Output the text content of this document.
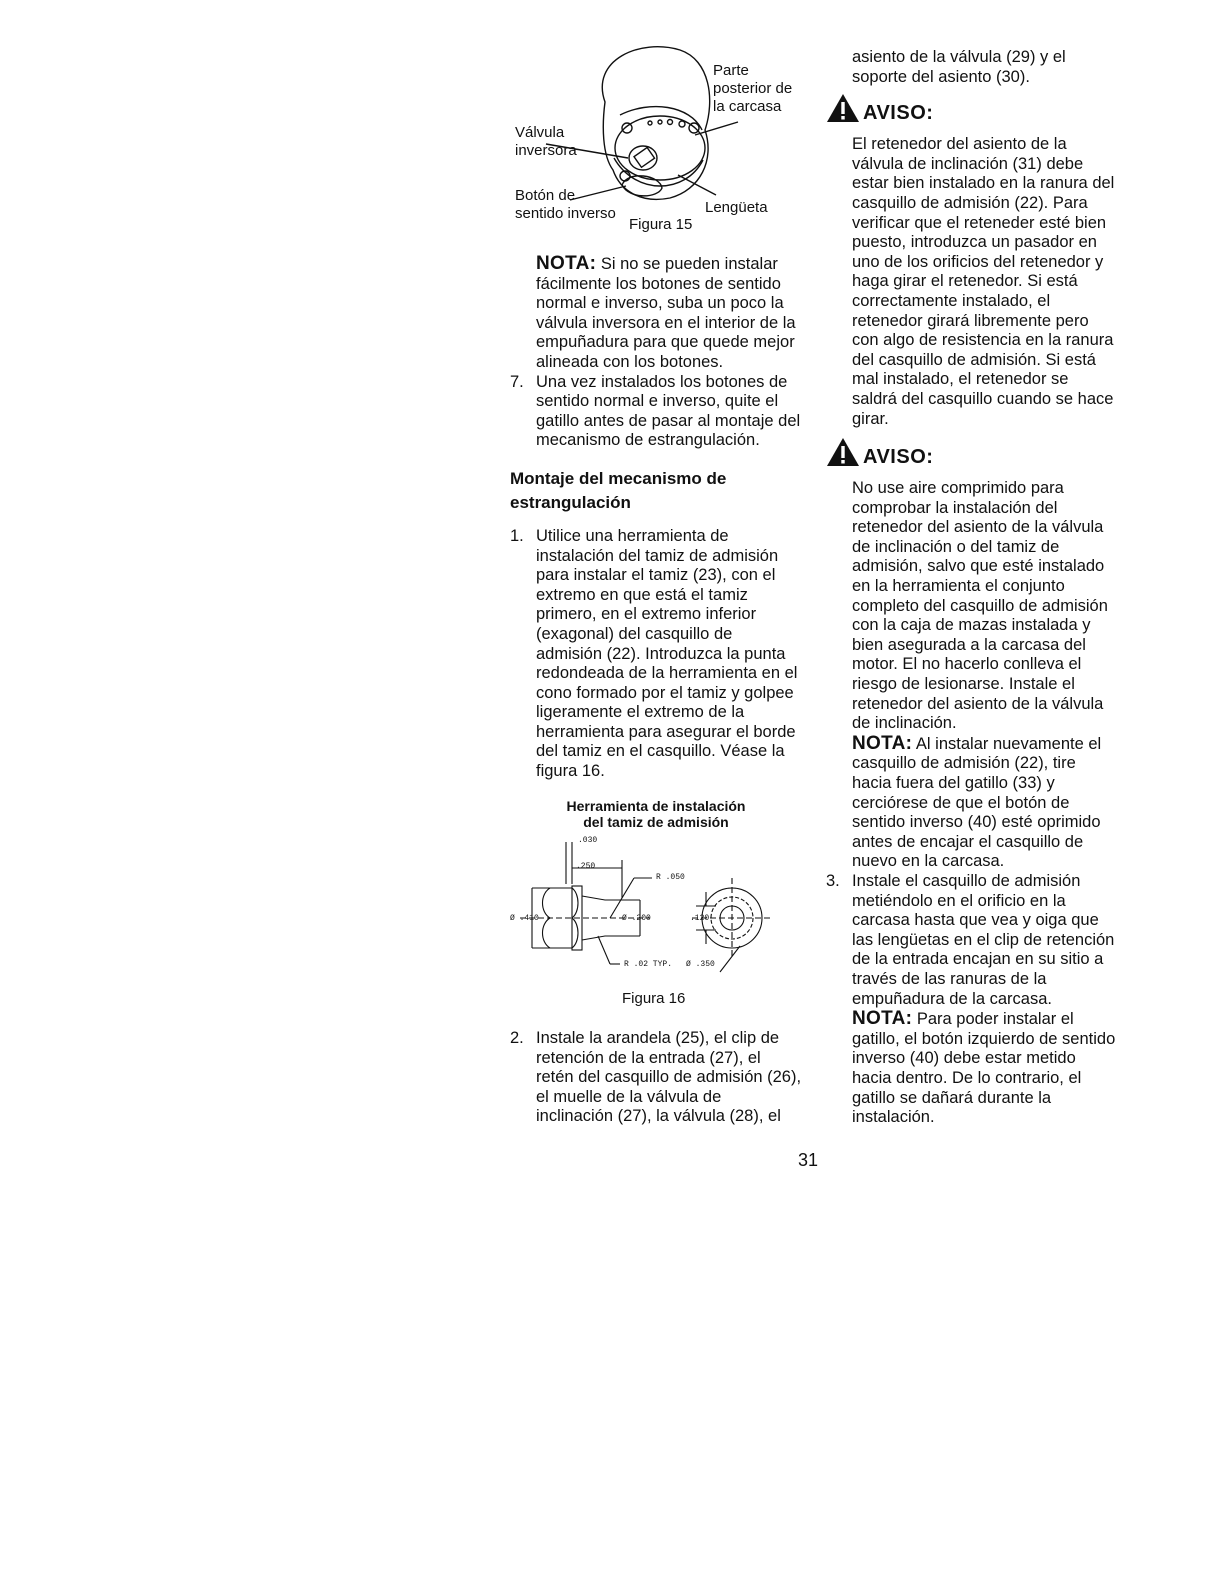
Parte
posterior de
la carcasa
Válvula
inversora
Botón de
sentido inverso	Lengüeta
Figura 15
NOTA: Si no se pueden instalar fácilmente los botones de sentido normal e inverso, suba un poco la válvula inversora en el interior de la empuñadura para que quede mejor alineada con los botones.
7. Una vez instalados los botones de sentido normal e inverso, quite el gatillo antes de pasar al montaje del mecanismo de estrangulación.
Montaje del mecanismo de estrangulación
1. Utilice una herramienta de instalación del tamiz de admisión para instalar el tamiz (23), con el extremo en que está el tamiz primero, en el extremo inferior (exagonal) del casquillo de admisión (22). Introduzca la punta redondeada de la herramienta en el cono formado por el tamiz y golpee ligeramente el extremo de la herramienta para asegurar el borde del tamiz en el casquillo. Véase la figura 16.
Herramienta de instalación
del tamiz de admisión
.030
.250
R .050
Ø .410	Ø .200	.120
R .02 TYP. Ø .350
Figura 16
2. Instale la arandela (25), el clip de retención de la entrada (27), el retén del casquillo de admisión (26), el muelle de la válvula de inclinación (27), la válvula (28), el
asiento de la válvula (29) y el soporte del asiento (30).
AVISO:
El retenedor del asiento de la válvula de inclinación (31) debe estar bien instalado en la ranura del casquillo de admisión (22). Para verificar que el reteneder esté bien puesto, introduzca un pasador en uno de los orificios del retenedor y haga girar el retenedor. Si está correctamente instalado, el retenedor girará libremente pero con algo de resistencia en la ranura del casquillo de admisión. Si está mal instalado, el retenedor se saldrá del casquillo cuando se hace girar.
AVISO:
No use aire comprimido para comprobar la instalación del retenedor del asiento de la válvula de inclinación o del tamiz de admisión, salvo que esté instalado en la herramienta el conjunto completo del casquillo de admisión con la caja de mazas instalada y bien asegurada a la carcasa del motor. El no hacerlo conlleva el riesgo de lesionarse. Instale el retenedor del asiento de la válvula de inclinación.
NOTA: Al instalar nuevamente el casquillo de admisión (22), tire hacia fuera del gatillo (33) y cerciórese de que el botón de sentido inverso (40) esté oprimido antes de encajar el casquillo de nuevo en la carcasa.
3. Instale el casquillo de admisión metiéndolo en el orificio en la carcasa hasta que vea y oiga que las lengüetas en el clip de retención de la entrada encajan en su sitio a través de las ranuras de la empuñadura de la carcasa.
NOTA: Para poder instalar el gatillo, el botón izquierdo de sentido inverso (40) debe estar metido hacia dentro. De lo contrario, el gatillo se dañará durante la instalación.
31
